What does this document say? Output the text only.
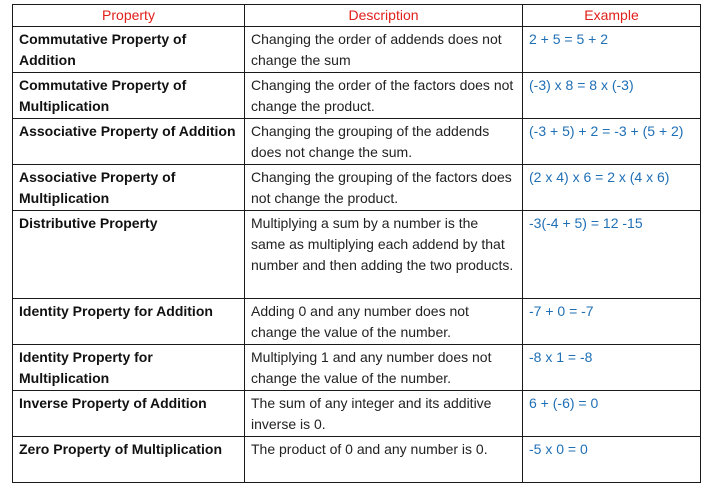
Property	Description	Example
Commutative Property of Addition	Changing the order of addends does not change the sum	2 + 5 = 5 + 2
Commutative Property of Multiplication	Changing the order of the factors does not change the product.	(-3) x 8 = 8 x (-3)
Associative Property of Addition	Changing the grouping of the addends does not change the sum.	(-3 + 5) + 2 = -3 + (5 + 2)
Associative Property of Multiplication	Changing the grouping of the factors does not change the product.	(2 x 4) x 6 = 2 x (4 x 6)
Distributive Property	Multiplying a sum by a number is the same as multiplying each addend by that number and then adding the two products.	-3(-4 + 5) = 12 -15
Identity Property for Addition	Adding 0 and any number does not change the value of the number.	-7 + 0 = -7
Identity Property for Multiplication	Multiplying 1 and any number does not change the value of the number.	-8 x 1 = -8
Inverse Property of Addition	The sum of any integer and its additive inverse is 0.	6 + (-6) = 0
Zero Property of Multiplication	The product of 0 and any number is 0.	-5 x 0 = 0
